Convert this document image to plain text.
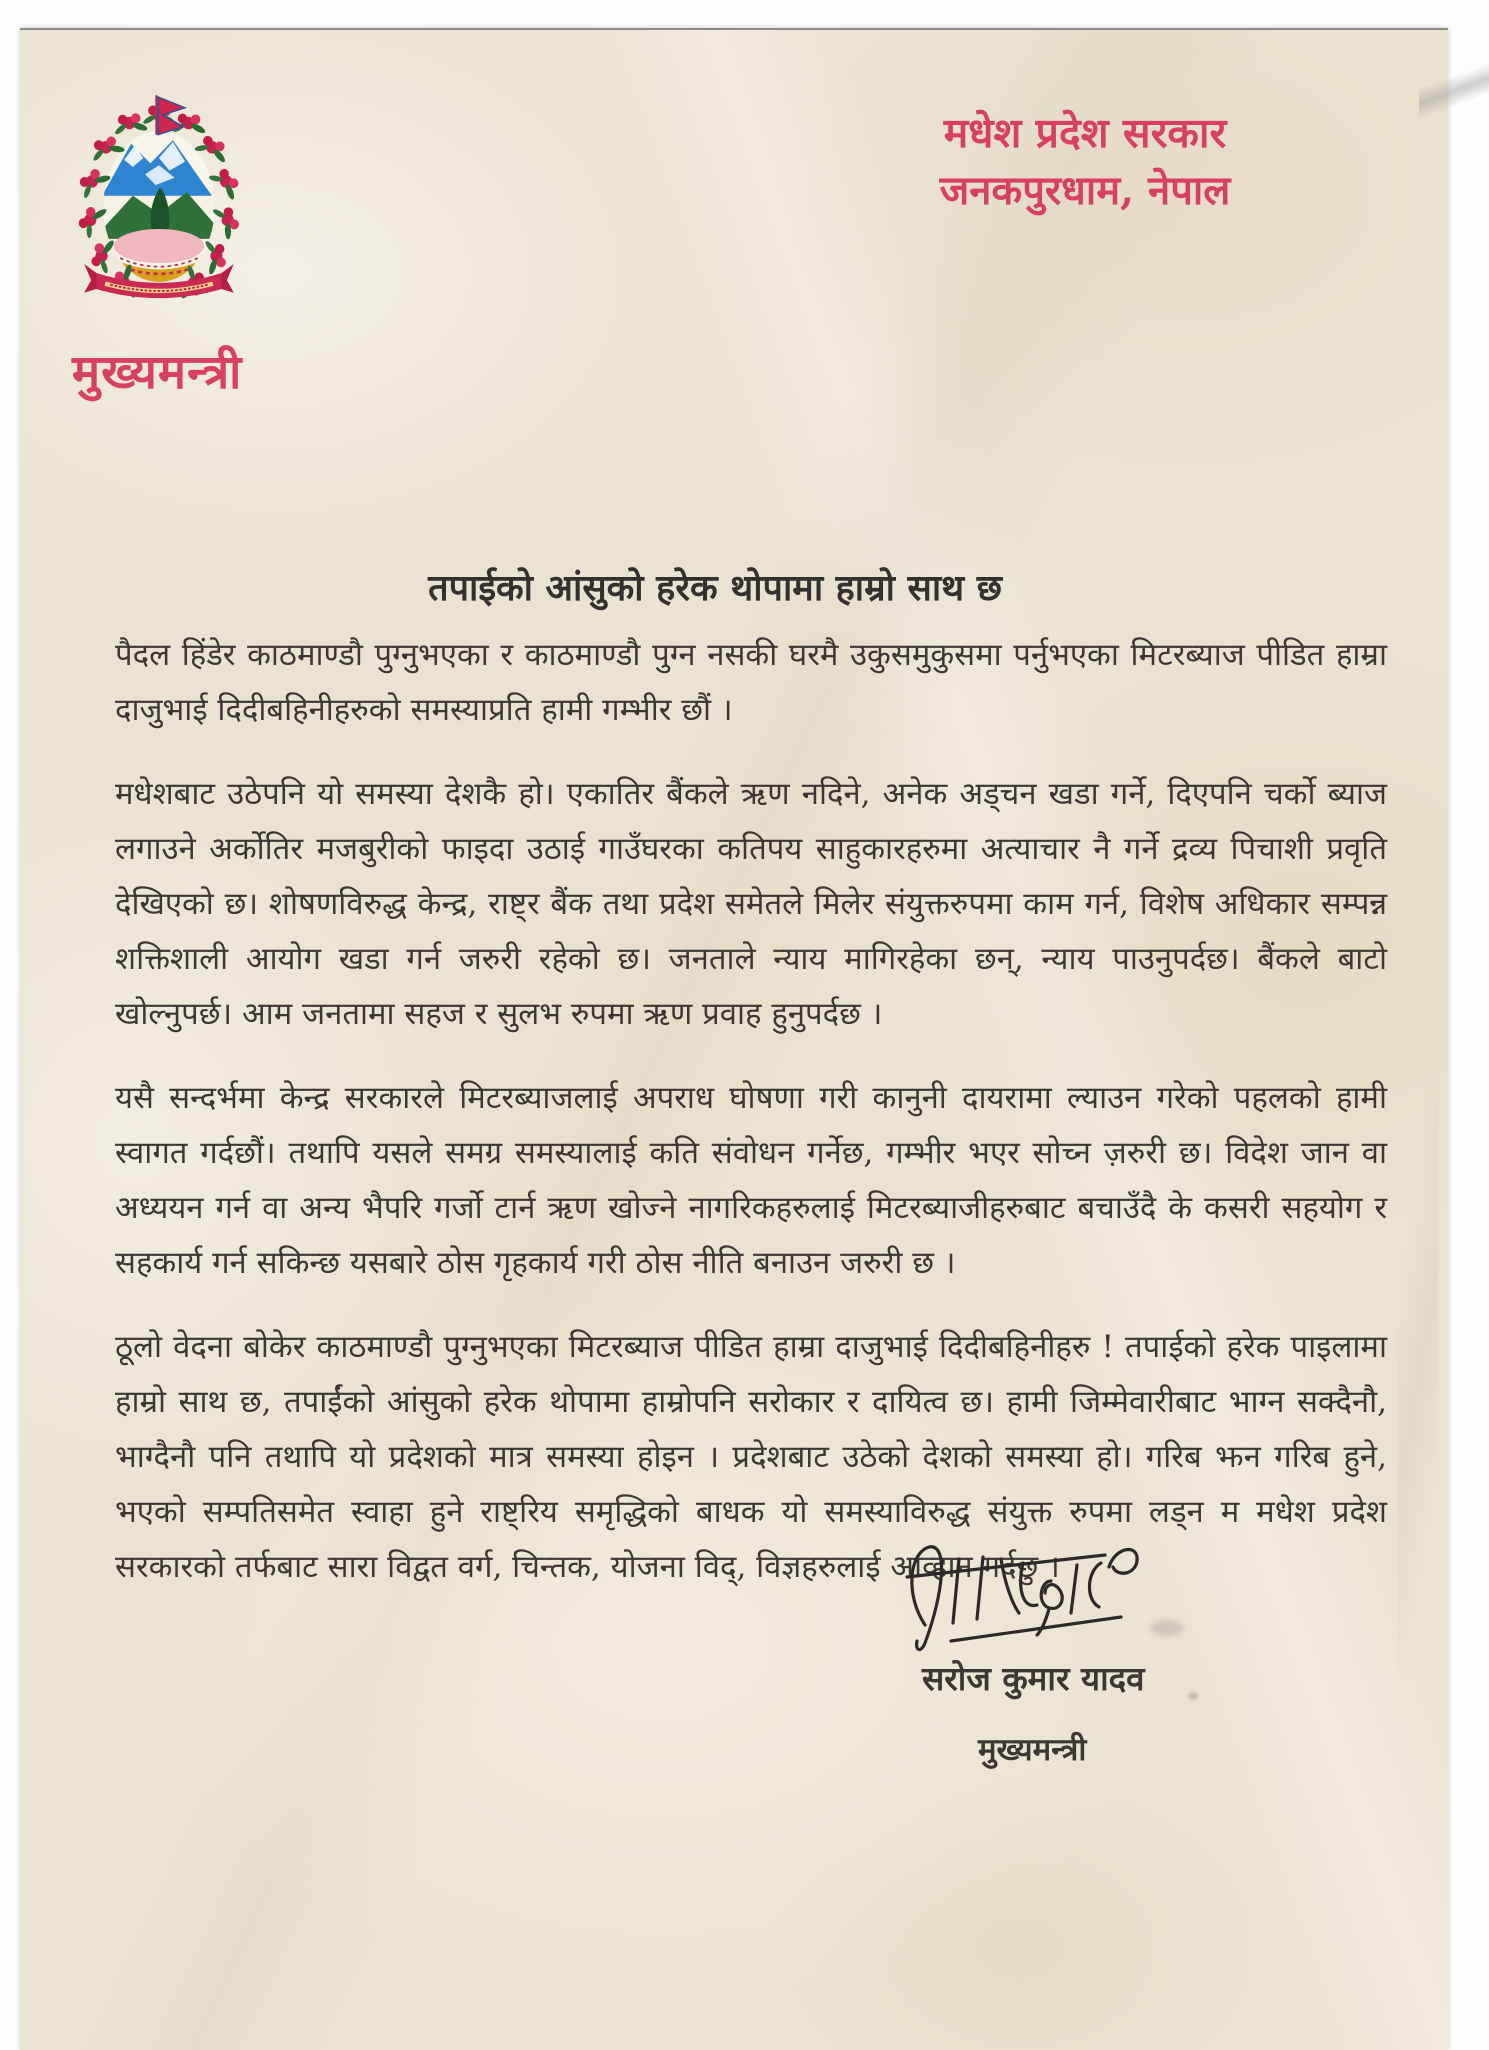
मधेश प्रदेश सरकार
जनकपुरधाम, नेपाल
मुख्यमन्त्री
तपाईको आंसुको हरेक थोपामा हाम्रो साथ छ

पैदल हिंडेर काठमाण्डौ पुग्नुभएका र काठमाण्डौ पुग्न नसकी घरमै उकुसमुकुसमा पर्नुभएका मिटरब्याज पीडित हाम्रा दाजुभाई दिदीबहिनीहरुको समस्याप्रति हामी गम्भीर छौं ।

मधेशबाट उठेपनि यो समस्या देशकै हो। एकातिर बैंकले ऋण नदिने, अनेक अड्चन खडा गर्ने, दिएपनि चर्को ब्याज लगाउने अर्कोतिर मजबुरीको फाइदा उठाई गाउँघरका कतिपय साहुकारहरुमा अत्याचार नै गर्ने द्रव्य पिचाशी प्रवृति देखिएको छ। शोषणविरुद्ध केन्द्र, राष्ट्र बैंक तथा प्रदेश समेतले मिलेर संयुक्तरुपमा काम गर्न, विशेष अधिकार सम्पन्न शक्तिशाली आयोग खडा गर्न जरुरी रहेको छ। जनताले न्याय मागिरहेका छन्, न्याय पाउनुपर्दछ। बैंकले बाटो खोल्नुपर्छ। आम जनतामा सहज र सुलभ रुपमा ऋण प्रवाह हुनुपर्दछ ।

यसै सन्दर्भमा केन्द्र सरकारले मिटरब्याजलाई अपराध घोषणा गरी कानुनी दायरामा ल्याउन गरेको पहलको हामी स्वागत गर्दछौं। तथापि यसले समग्र समस्यालाई कति संवोधन गर्नेछ, गम्भीर भएर सोच्न ज़रुरी छ। विदेश जान वा अध्ययन गर्न वा अन्य भैपरि गर्जो टार्न ऋण खोज्ने नागरिकहरुलाई मिटरब्याजीहरुबाट बचाउँदै के कसरी सहयोग र सहकार्य गर्न सकिन्छ यसबारे ठोस गृहकार्य गरी ठोस नीति बनाउन जरुरी छ ।

ठूलो वेदना बोकेर काठमाण्डौ पुग्नुभएका मिटरब्याज पीडित हाम्रा दाजुभाई दिदीबहिनीहरु ! तपाईको हरेक पाइलामा हाम्रो साथ छ, तपाईंको आंसुको हरेक थोपामा हाम्रोपनि सरोकार र दायित्व छ। हामी जिम्मेवारीबाट भाग्न सक्दैनौ, भाग्दैनौ पनि तथापि यो प्रदेशको मात्र समस्या होइन । प्रदेशबाट उठेको देशको समस्या हो। गरिब झन गरिब हुने, भएको सम्पतिसमेत स्वाहा हुने राष्ट्रिय समृद्धिको बाधक यो समस्याविरुद्ध संयुक्त रुपमा लड्न म मधेश प्रदेश सरकारको तर्फबाट सारा विद्वत वर्ग, चिन्तक, योजना विद्, विज्ञहरुलाई आव्हान गर्दछु ।

सरोज कुमार यादव
मुख्यमन्त्री
